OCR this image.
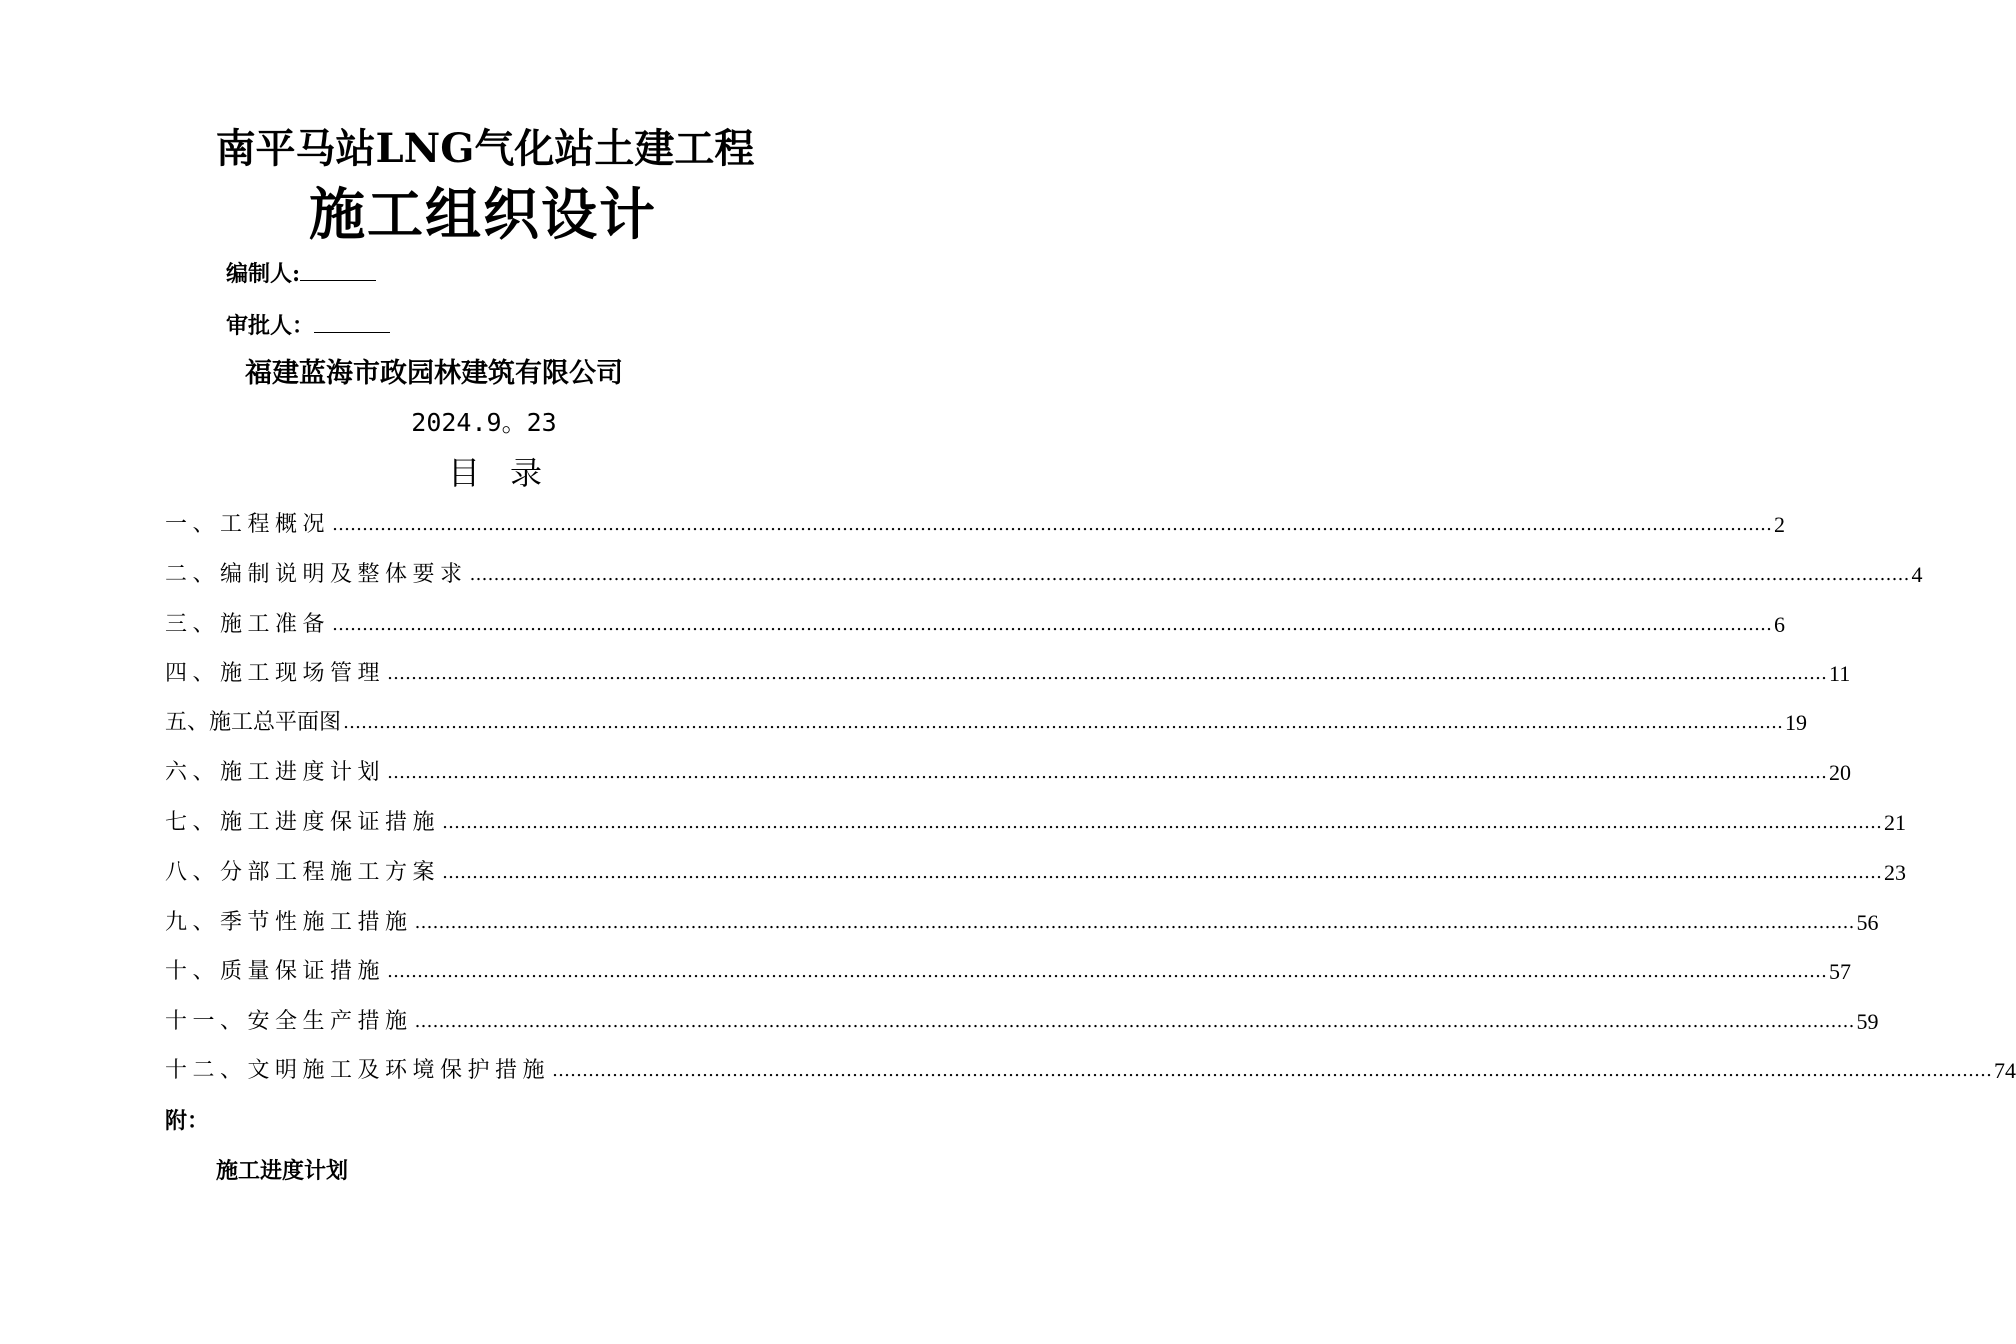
南平马站LNG气化站土建工程
施工组织设计
编制人:
审批人：
福建蓝海市政园林建筑有限公司
2024.9。23
目录
一、工程概况 …………………………………………………………………………………………………………………………………………………………………………………………………………………… 2
二、编制说明及整体要求 …………………………………………………………………………………………………………………………………………………………………………………………………………………… 4
三、施工准备 …………………………………………………………………………………………………………………………………………………………………………………………………………………… 6
四、施工现场管理 …………………………………………………………………………………………………………………………………………………………………………………………………………………… 11
五、施工总平面图 …………………………………………………………………………………………………………………………………………………………………………………………………………………… 19
六、施工进度计划 …………………………………………………………………………………………………………………………………………………………………………………………………………………… 20
七、施工进度保证措施 …………………………………………………………………………………………………………………………………………………………………………………………………………………… 21
八、分部工程施工方案 …………………………………………………………………………………………………………………………………………………………………………………………………………………… 23
九、季节性施工措施 …………………………………………………………………………………………………………………………………………………………………………………………………………………… 56
十、质量保证措施 …………………………………………………………………………………………………………………………………………………………………………………………………………………… 57
十一、安全生产措施 …………………………………………………………………………………………………………………………………………………………………………………………………………………… 59
十二、文明施工及环境保护措施 …………………………………………………………………………………………………………………………………………………………………………………………………………………… 74
附：
施工进度计划
